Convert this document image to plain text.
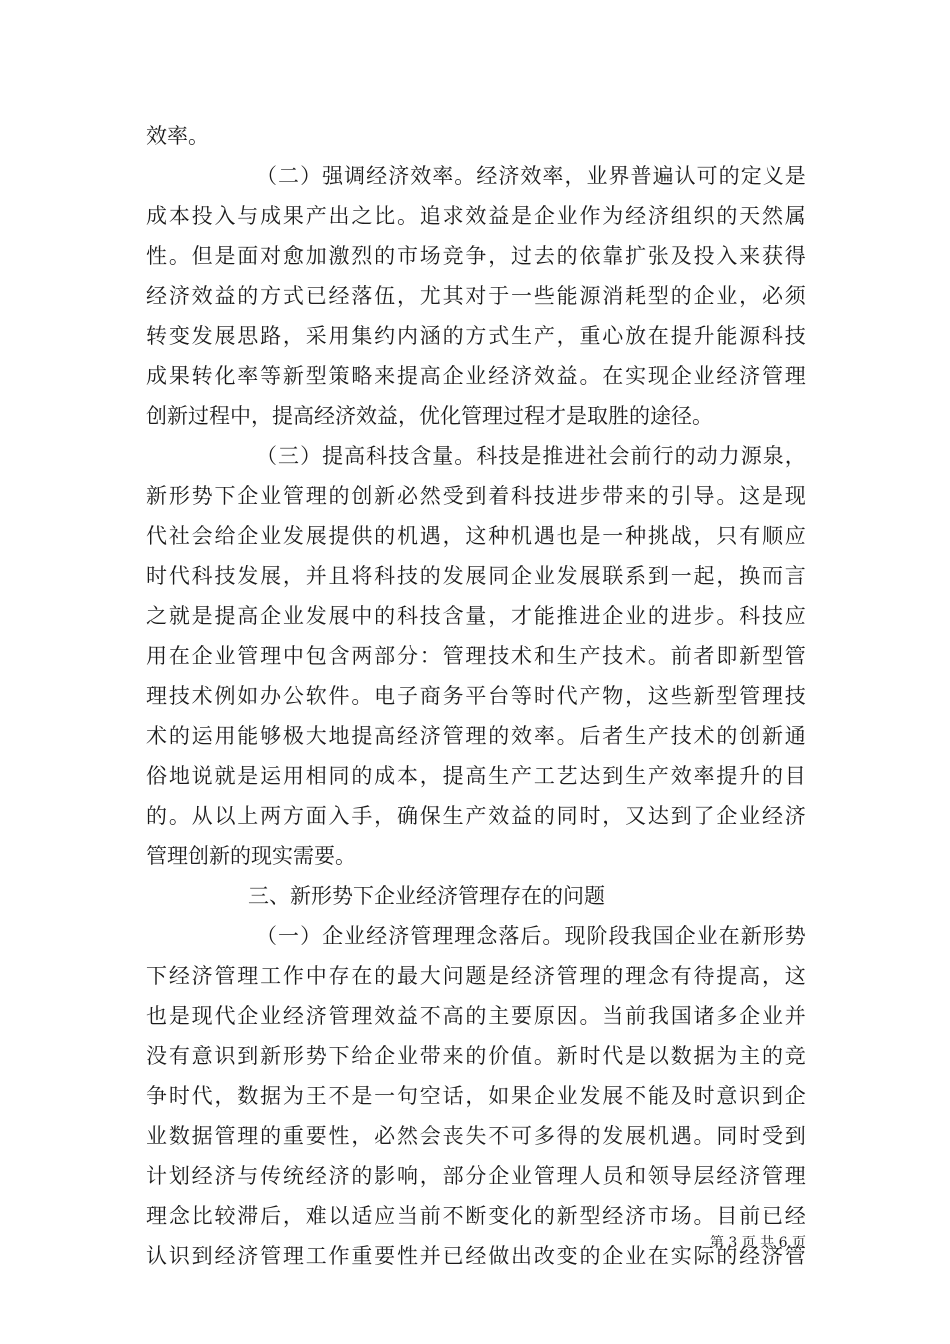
效率。
（ 二 ） 强 调 经 济 效 率 。 经 济 效 率 ， 业 界 普 遍 认 可 的 定 义 是
成 本 投 入 与 成 果 产 出 之 比 。 追 求 效 益 是 企 业 作 为 经 济 组 织 的 天 然 属
性 。 但 是 面 对 愈 加 激 烈 的 市 场 竞 争 ， 过 去 的 依 靠 扩 张 及 投 入 来 获 得
经 济 效 益 的 方 式 已 经 落 伍 ， 尤 其 对 于 一 些 能 源 消 耗 型 的 企 业 ， 必 须
转 变 发 展 思 路 ， 采 用 集 约 内 涵 的 方 式 生 产 ， 重 心 放 在 提 升 能 源 科 技
成 果 转 化 率 等 新 型 策 略 来 提 高 企 业 经 济 效 益 。 在 实 现 企 业 经 济 管 理
创新过程中，提高经济效益，优化管理过程才是取胜的途径。
（ 三 ） 提 高 科 技 含 量 。 科 技 是 推 进 社 会 前 行 的 动 力 源 泉 ，
新 形 势 下 企 业 管 理 的 创 新 必 然 受 到 着 科 技 进 步 带 来 的 引 导 。 这 是 现
代 社 会 给 企 业 发 展 提 供 的 机 遇 ， 这 种 机 遇 也 是 一 种 挑 战 ， 只 有 顺 应
时 代 科 技 发 展 ， 并 且 将 科 技 的 发 展 同 企 业 发 展 联 系 到 一 起 ， 换 而 言
之 就 是 提 高 企 业 发 展 中 的 科 技 含 量 ， 才 能 推 进 企 业 的 进 步 。 科 技 应
用 在 企 业 管 理 中 包 含 两 部 分 ： 管 理 技 术 和 生 产 技 术 。 前 者 即 新 型 管
理 技 术 例 如 办 公 软 件 。 电 子 商 务 平 台 等 时 代 产 物 ， 这 些 新 型 管 理 技
术 的 运 用 能 够 极 大 地 提 高 经 济 管 理 的 效 率 。 后 者 生 产 技 术 的 创 新 通
俗 地 说 就 是 运 用 相 同 的 成 本 ， 提 高 生 产 工 艺 达 到 生 产 效 率 提 升 的 目
的 。 从 以 上 两 方 面 入 手 ， 确 保 生 产 效 益 的 同 时 ， 又 达 到 了 企 业 经 济
管理创新的现实需要。
三、新形势下企业经济管理存在的问题
（ 一 ） 企 业 经 济 管 理 理 念 落 后 。 现 阶 段 我 国 企 业 在 新 形 势
下 经 济 管 理 工 作 中 存 在 的 最 大 问 题 是 经 济 管 理 的 理 念 有 待 提 高 ， 这
也 是 现 代 企 业 经 济 管 理 效 益 不 高 的 主 要 原 因 。 当 前 我 国 诸 多 企 业 并
没 有 意 识 到 新 形 势 下 给 企 业 带 来 的 价 值 。 新 时 代 是 以 数 据 为 主 的 竞
争 时 代 ， 数 据 为 王 不 是 一 句 空 话 ， 如 果 企 业 发 展 不 能 及 时 意 识 到 企
业 数 据 管 理 的 重 要 性 ， 必 然 会 丧 失 不 可 多 得 的 发 展 机 遇 。 同 时 受 到
计 划 经 济 与 传 统 经 济 的 影 响 ， 部 分 企 业 管 理 人 员 和 领 导 层 经 济 管 理
理 念 比 较 滞 后 ， 难 以 适 应 当 前 不 断 变 化 的 新 型 经 济 市 场 。 目 前 已 经
认 识 到 经 济 管 理 工 作 重 要 性 并 已 经 做 出 改 变 的 企 业 在 实 际 的 经 济 管
第 3 页 共 6 页
